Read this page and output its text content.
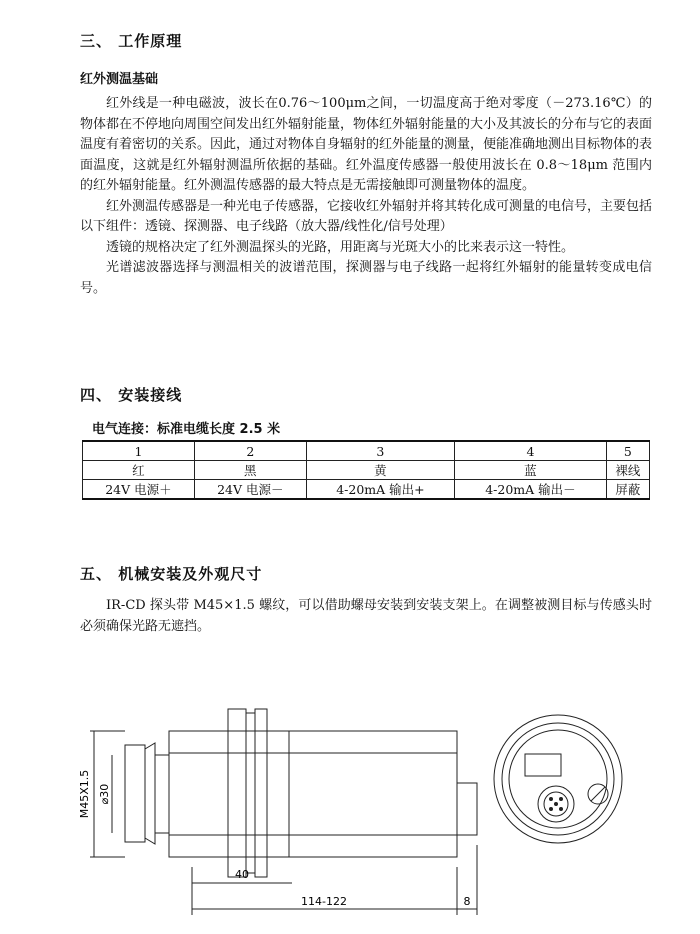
三、 工作原理
红外测温基础

红外线是一种电磁波，波长在0.76～100μm之间，一切温度高于绝对零度（－273.16℃）的物体都在不停地向周围空间发出红外辐射能量，物体红外辐射能量的大小及其波长的分布与它的表面温度有着密切的关系。因此，通过对物体自身辐射的红外能量的测量，便能准确地测出目标物体的表面温度，这就是红外辐射测温所依据的基础。红外温度传感器一般使用波长在 0.8～18μm 范围内的红外辐射能量。红外测温传感器的最大特点是无需接触即可测量物体的温度。

红外测温传感器是一种光电子传感器，它接收红外辐射并将其转化成可测量的电信号，主要包括以下组件：透镜、探测器、电子线路（放大器/线性化/信号处理）

透镜的规格决定了红外测温探头的光路，用距离与光斑大小的比来表示这一特性。

光谱滤波器选择与测温相关的波谱范围，探测器与电子线路一起将红外辐射的能量转变成电信号。

四、 安装接线
电气连接：标准电缆长度 2.5 米
1	2	3	4	5
红	黑	黄	蓝	裸线
24V 电源＋	24V 电源－	4-20mA 输出+	4-20mA 输出－	屏蔽
五、 机械安装及外观尺寸

IR-CD 探头带 M45×1.5 螺纹，可以借助螺母安装到安装支架上。在调整被测目标与传感头时必须确保光路无遮挡。

M45X1.5 ⌀30
40
114-122	8
